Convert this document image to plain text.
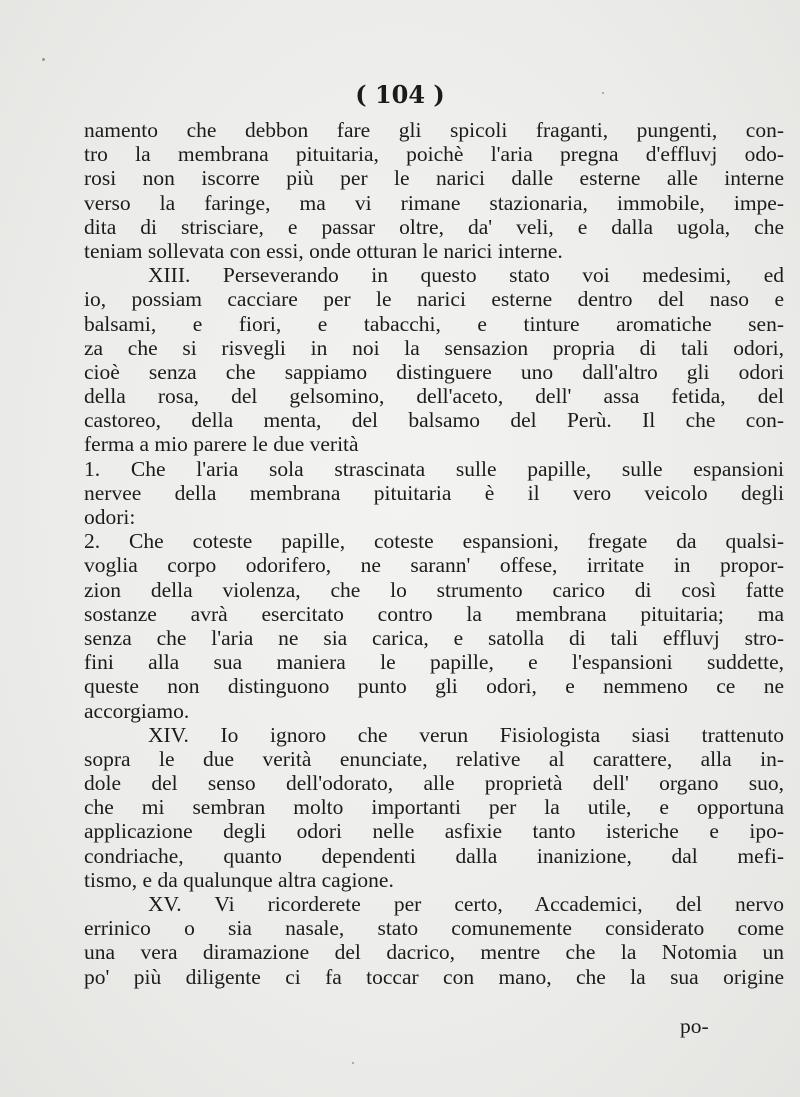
( 104 )
namento che debbon fare gli spicoli fraganti, pungenti, con-
tro la membrana pituitaria, poichè l'aria pregna d'effluvj odo-
rosi non iscorre più per le narici dalle esterne alle interne
verso la faringe, ma vi rimane stazionaria, immobile, impe-
dita di strisciare, e passar oltre, da' veli, e dalla ugola, che
teniam sollevata con essi, onde otturan le narici interne.
XIII. Perseverando in questo stato voi medesimi, ed
io, possiam cacciare per le narici esterne dentro del naso e
balsami, e fiori, e tabacchi, e tinture aromatiche sen-
za che si risvegli in noi la sensazion propria di tali odori,
cioè senza che sappiamo distinguere uno dall'altro gli odori
della rosa, del gelsomino, dell'aceto, dell' assa fetida, del
castoreo, della menta, del balsamo del Perù. Il che con-
ferma a mio parere le due verità
1. Che l'aria sola strascinata sulle papille, sulle espansioni
nervee della membrana pituitaria è il vero veicolo degli
odori:
2. Che coteste papille, coteste espansioni, fregate da qualsi-
voglia corpo odorifero, ne sarann' offese, irritate in propor-
zion della violenza, che lo strumento carico di così fatte
sostanze avrà esercitato contro la membrana pituitaria; ma
senza che l'aria ne sia carica, e satolla di tali effluvj stro-
fini alla sua maniera le papille, e l'espansioni suddette,
queste non distinguono punto gli odori, e nemmeno ce ne
accorgiamo.
XIV. Io ignoro che verun Fisiologista siasi trattenuto
sopra le due verità enunciate, relative al carattere, alla in-
dole del senso dell'odorato, alle proprietà dell' organo suo,
che mi sembran molto importanti per la utile, e opportuna
applicazione degli odori nelle asfixie tanto isteriche e ipo-
condriache, quanto dependenti dalla inanizione, dal mefi-
tismo, e da qualunque altra cagione.
XV. Vi ricorderete per certo, Accademici, del nervo
errinico o sia nasale, stato comunemente considerato come
una vera diramazione del dacrico, mentre che la Notomia un
po' più diligente ci fa toccar con mano, che la sua origine
po-
